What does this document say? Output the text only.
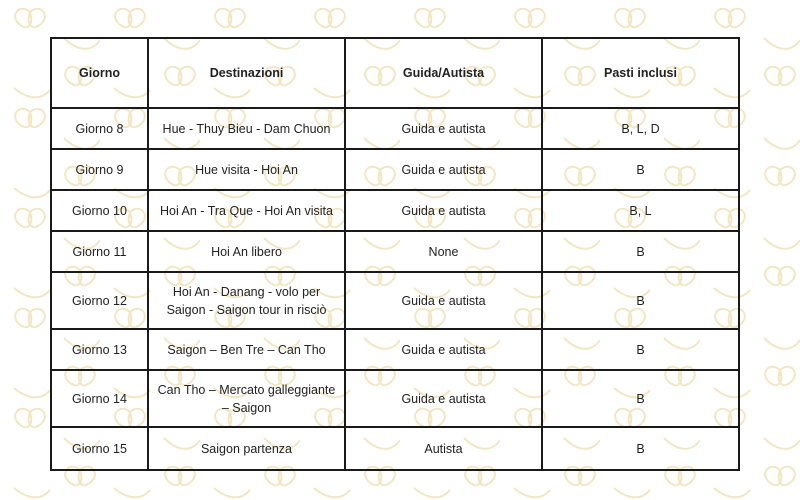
Giorno	Destinazioni	Guida/Autista	Pasti inclusi
Giorno 8	Hue - Thuy Bieu - Dam Chuon	Guida e autista	B, L, D
Giorno 9	Hue visita - Hoi An	Guida e autista	B
Giorno 10	Hoi An - Tra Que - Hoi An visita	Guida e autista	B, L
Giorno 11	Hoi An libero	None	B
Giorno 12	Hoi An - Danang - volo per Saigon - Saigon tour in risciò	Guida e autista	B
Giorno 13	Saigon – Ben Tre – Can Tho	Guida e autista	B
Giorno 14	Can Tho – Mercato galleggiante – Saigon	Guida e autista	B
Giorno 15	Saigon partenza	Autista	B
